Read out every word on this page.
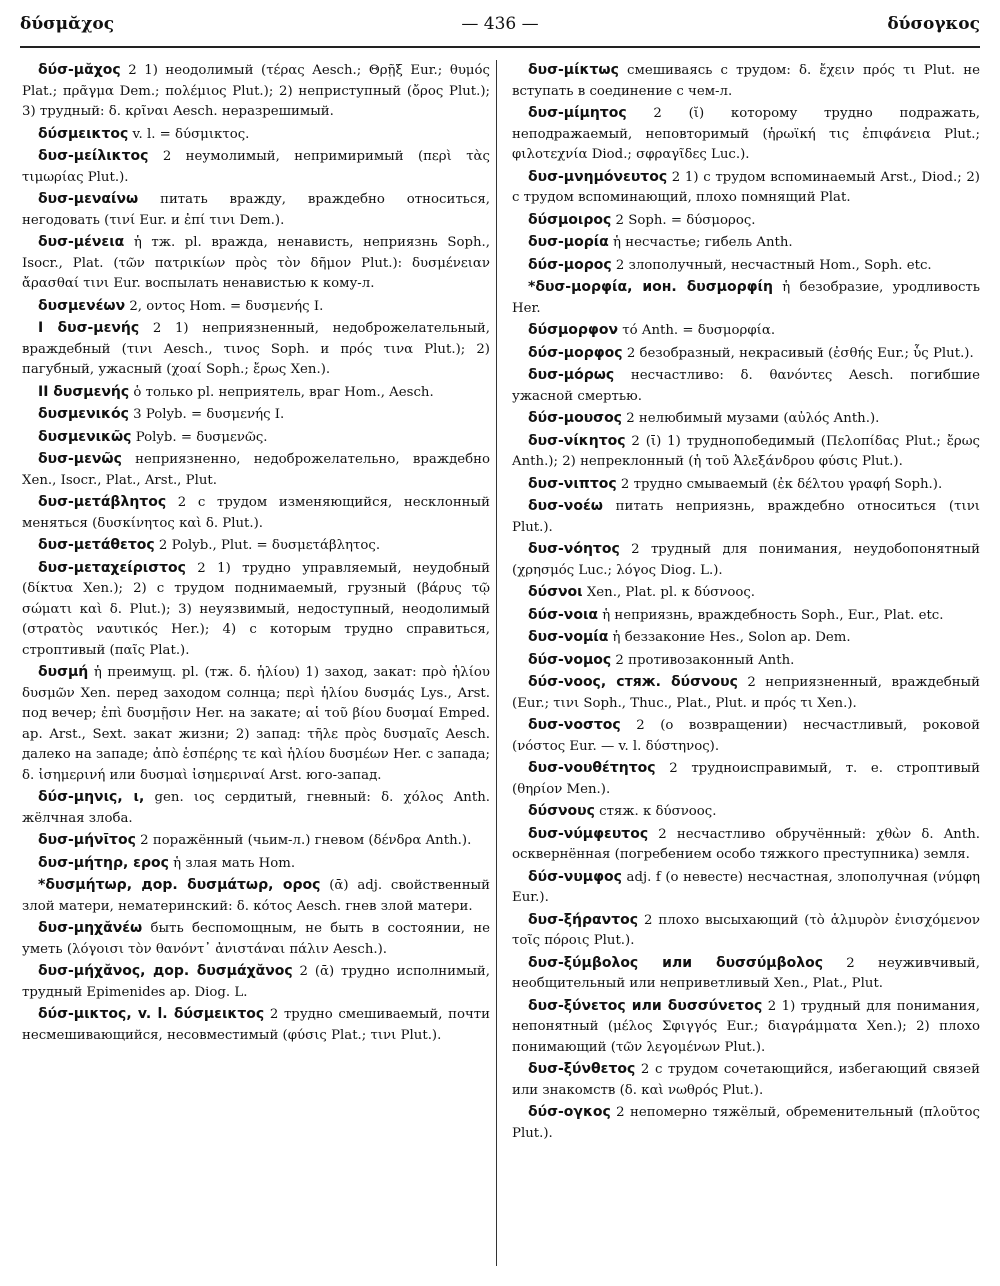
δύσμᾰχος	— 436 —	δύσογκος

δύσ-μᾰχος 2 1) неодолимый (τέρας Aesch.; Θρῇξ Eur.; θυμός Plat.; πρᾶγμα Dem.; πολέμιος Plut.); 2) неприступный (ὄρος Plut.); 3) трудный: δ. κρῖναι Aesch. неразрешимый.

δύσμεικτος v. l. = δύσμικτος.

δυσ-μείλικτος 2 неумолимый, непримиримый (περὶ τὰς τιμωρίας Plut.).

δυσ-μεναίνω питать вражду, враждебно относиться, негодовать (τινί Eur. и ἐπί τινι Dem.).

δυσ-μένεια ἡ тж. pl. вражда, ненависть, неприязнь Soph., Isocr., Plat. (τῶν πατρικίων πρὸς τὸν δῆμον Plut.): δυσμένειαν ἄρασθαί τινι Eur. воспылать ненавистью к кому-л.

δυσμενέων 2, οντος Hom. = δυσμενής I.

I δυσ-μενής 2 1) неприязненный, недоброжелательный, враждебный (τινι Aesch., τινος Soph. и πρός τινα Plut.); 2) пагубный, ужасный (χοαί Soph.; ἔρως Xen.).

II δυσμενής ὁ только pl. неприятель, враг Hom., Aesch.

δυσμενικός 3 Polyb. = δυσμενής I.

δυσμενικῶς Polyb. = δυσμενῶς.

δυσ-μενῶς неприязненно, недоброжелательно, враждебно Xen., Isocr., Plat., Arst., Plut.

δυσ-μετάβλητος 2 с трудом изменяющийся, несклонный меняться (δυσκίνητος καὶ δ. Plut.).

δυσ-μετάθετος 2 Polyb., Plut. = δυσμετάβλητος.

δυσ-μεταχείριστος 2 1) трудно управляемый, неудобный (δίκτυα Xen.); 2) с трудом поднимаемый, грузный (βάρυς τῷ σώματι καὶ δ. Plut.); 3) неуязвимый, недоступный, неодолимый (στρατὸς ναυτικός Her.); 4) с которым трудно справиться, строптивый (παῖς Plat.).

δυσμή ἡ преимущ. pl. (тж. δ. ἡλίου) 1) заход, закат: πρὸ ἡλίου δυσμῶν Xen. перед заходом солнца; περὶ ἡλίου δυσμάς Lys., Arst. под вечер; ἐπὶ δυσμῇσιν Her. на закате; αἱ τοῦ βίου δυσμαί Emped. ap. Arst., Sext. закат жизни; 2) запад: τῆλε πρὸς δυσμαῖς Aesch. далеко на западе; ἀπὸ ἑσπέρης τε καὶ ἡλίου δυσμέων Her. с запада; δ. ἰσημερινή или δυσμαὶ ἰσημεριναί Arst. юго-запад.

δύσ-μηνις, ι, gen. ιος сердитый, гневный: δ. χόλος Anth. жёлчная злоба.

δυσ-μήνῑτος 2 поражённый (чьим-л.) гневом (δένδρα Anth.).

δυσ-μήτηρ, ερος ἡ злая мать Hom.

*δυσμήτωρ, дор. δυσμάτωρ, ορος (ᾱ) adj. свойственный злой матери, нематеринский: δ. κότος Aesch. гнев злой матери.

δυσ-μηχᾰνέω быть беспомощным, не быть в состоянии, не уметь (λόγοισι τὸν θανόντ᾽ ἀνιστάναι πάλιν Aesch.).

δυσ-μήχᾰνος, дор. δυσμάχᾰνος 2 (ᾱ) трудно исполнимый, трудный Epimenides ap. Diog. L.

δύσ-μικτος, v. l. δύσμεικτος 2 трудно смешиваемый, почти несмешивающийся, несовместимый (φύσις Plat.; τινι Plut.).

δυσ-μίκτως смешиваясь с трудом: δ. ἔχειν πρός τι Plut. не вступать в соединение с чем-л.

δυσ-μίμητος 2 (ῐ) которому трудно подражать, неподражаемый, неповторимый (ἡρωϊκή τις ἐπιφάνεια Plut.; φιλοτεχνία Diod.; σφραγῖδες Luc.).

δυσ-μνημόνευτος 2 1) с трудом вспоминаемый Arst., Diod.; 2) с трудом вспоминающий, плохо помнящий Plat.

δύσμοιρος 2 Soph. = δύσμορος.

δυσ-μορία ἡ несчастье; гибель Anth.

δύσ-μορος 2 злополучный, несчастный Hom., Soph. etc.

*δυσ-μορφία, ион. δυσμορφίη ἡ безобразие, уродливость Her.

δύσμορφον τό Anth. = δυσμορφία.

δύσ-μορφος 2 безобразный, некрасивый (ἐσθής Eur.; ὗς Plut.).

δυσ-μόρως несчастливо: δ. θανόντες Aesch. погибшие ужасной смертью.

δύσ-μουσος 2 нелюбимый музами (αὐλός Anth.).

δυσ-νίκητος 2 (ῑ) 1) труднопобедимый (Πελοπίδας Plut.; ἔρως Anth.); 2) непреклонный (ἡ τοῦ Ἀλεξάνδρου φύσις Plut.).

δυσ-νιπτος 2 трудно смываемый (ἐκ δέλτου γραφή Soph.).

δυσ-νοέω питать неприязнь, враждебно относиться (τινι Plut.).

δυσ-νόητος 2 трудный для понимания, неудобопонятный (χρησμός Luc.; λόγος Diog. L.).

δύσνοι Xen., Plat. pl. к δύσνοος.

δύσ-νοια ἡ неприязнь, враждебность Soph., Eur., Plat. etc.

δυσ-νομία ἡ беззаконие Hes., Solon ap. Dem.

δύσ-νομος 2 противозаконный Anth.

δύσ-νοος, стяж. δύσνους 2 неприязненный, враждебный (Eur.; τινι Soph., Thuc., Plat., Plut. и πρός τι Xen.).

δυσ-νοστος 2 (о возвращении) несчастливый, роковой (νόστος Eur. — v. l. δύστηνος).

δυσ-νουθέτητος 2 трудноисправимый, т. е. строптивый (θηρίον Men.).

δύσνους стяж. к δύσνοος.

δυσ-νύμφευτος 2 несчастливо обручённый: χθὼν δ. Anth. осквернённая (погребением особо тяжкого преступника) земля.

δύσ-νυμφος adj. f (о невесте) несчастная, злополучная (νύμφη Eur.).

δυσ-ξήραντος 2 плохо высыхающий (τὸ ἁλμυρὸν ἐνισχόμενον τοῖς πόροις Plut.).

δυσ-ξύμβολος или δυσσύμβολος 2 неуживчивый, необщительный или неприветливый Xen., Plat., Plut.

δυσ-ξύνετος или δυσσύνετος 2 1) трудный для понимания, непонятный (μέλος Σφιγγός Eur.; διαγράμματα Xen.); 2) плохо понимающий (τῶν λεγομένων Plut.).

δυσ-ξύνθετος 2 с трудом сочетающийся, избегающий связей или знакомств (δ. καὶ νωθρός Plut.).

δύσ-ογκος 2 непомерно тяжёлый, обременительный (πλοῦτος Plut.).
